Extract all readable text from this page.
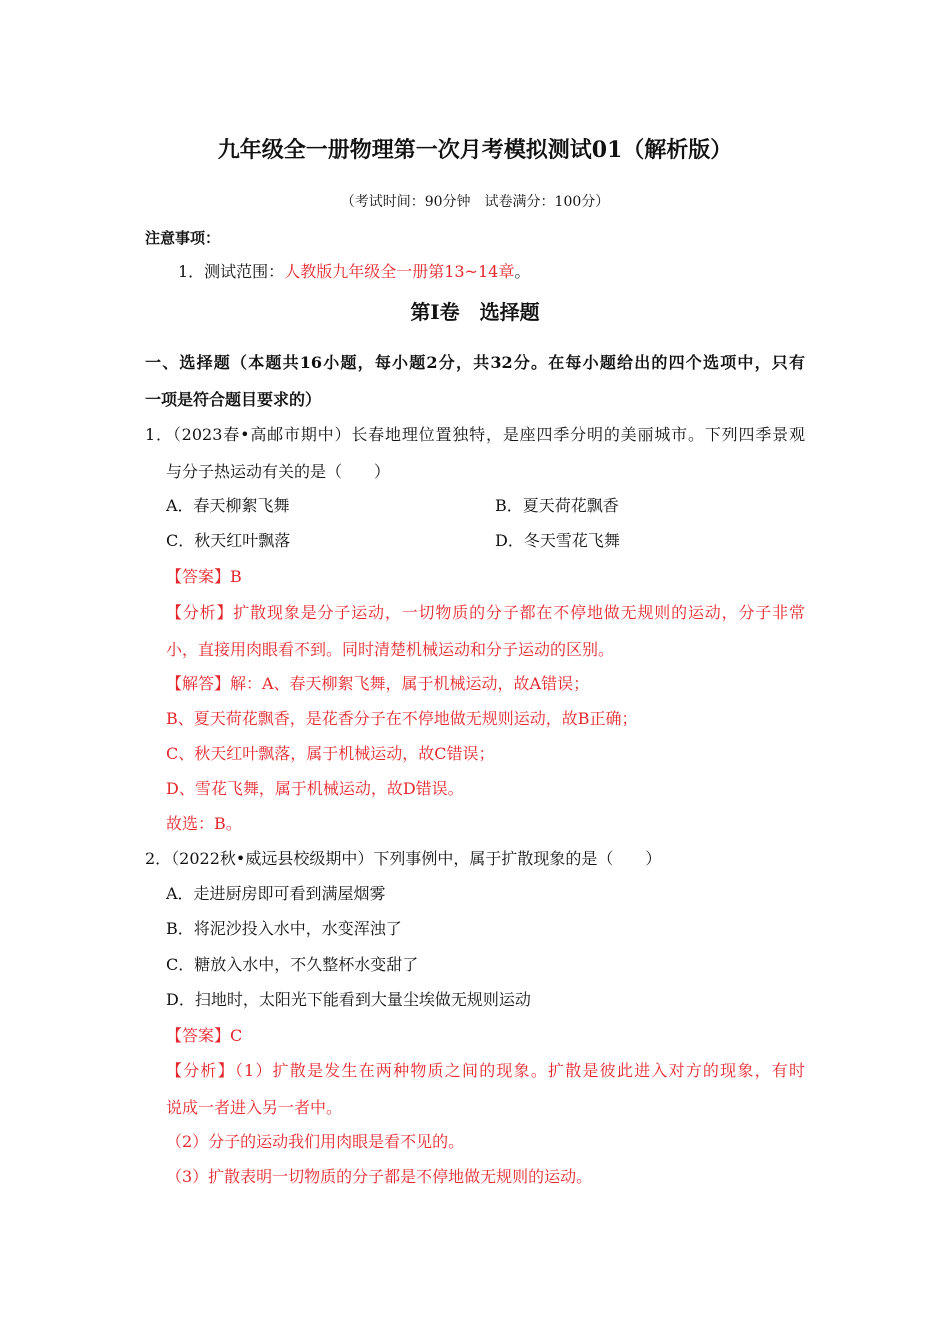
九年级全一册物理第一次月考模拟测试01（解析版）
（考试时间：90分钟　试卷满分：100分）
注意事项：
1．测试范围：人教版九年级全一册第13~14章。
第Ⅰ卷　选择题
一、选择题（本题共16小题，每小题2分，共32分。在每小题给出的四个选项中，只有
一项是符合题目要求的）
1．（2023春•高邮市期中）长春地理位置独特，是座四季分明的美丽城市。下列四季景观
与分子热运动有关的是（　　）
A．春天柳絮飞舞	B．夏天荷花飘香
C．秋天红叶飘落	D．冬天雪花飞舞
【答案】B
【分析】扩散现象是分子运动，一切物质的分子都在不停地做无规则的运动，分子非常
小，直接用肉眼看不到。同时清楚机械运动和分子运动的区别。
【解答】解：A、春天柳絮飞舞，属于机械运动，故A错误；
B、夏天荷花飘香，是花香分子在不停地做无规则运动，故B正确；
C、秋天红叶飘落，属于机械运动，故C错误；
D、雪花飞舞，属于机械运动，故D错误。
故选：B。
2．（2022秋•威远县校级期中）下列事例中，属于扩散现象的是（　　）
A．走进厨房即可看到满屋烟雾
B．将泥沙投入水中，水变浑浊了
C．糖放入水中，不久整杯水变甜了
D．扫地时，太阳光下能看到大量尘埃做无规则运动
【答案】C
【分析】（1）扩散是发生在两种物质之间的现象。扩散是彼此进入对方的现象，有时
说成一者进入另一者中。
（2）分子的运动我们用肉眼是看不见的。
（3）扩散表明一切物质的分子都是不停地做无规则的运动。
